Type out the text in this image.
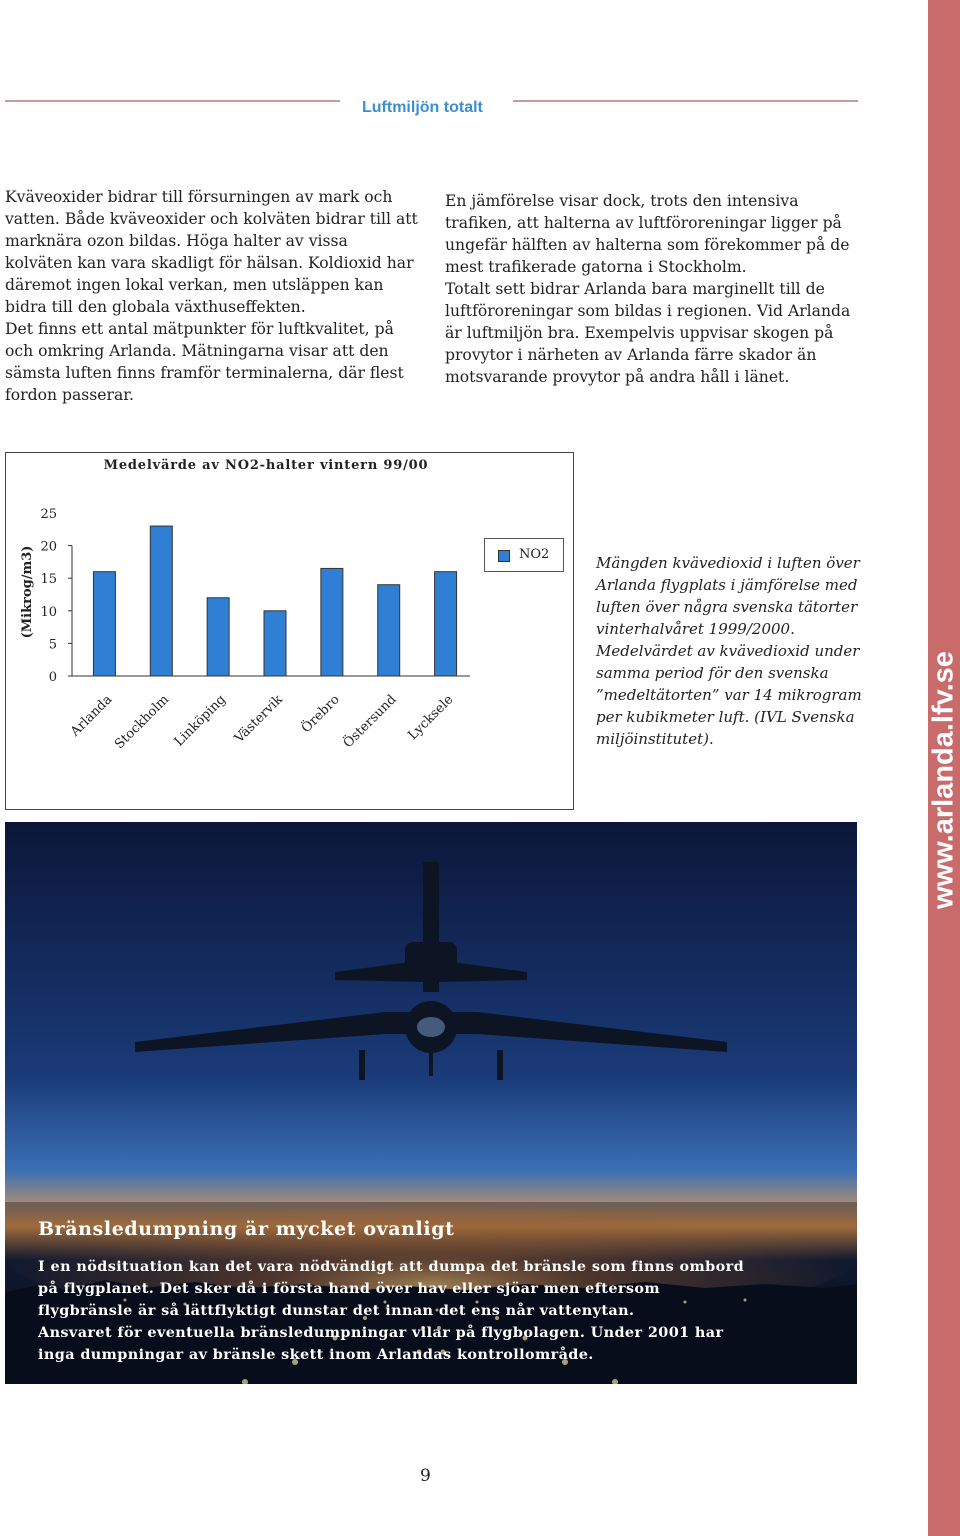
www.arlanda.lfv.se
Luftmiljön totalt

Kväveoxider bidrar till försurningen av mark och vatten. Både kväveoxider och kolväten bidrar till att marknära ozon bildas. Höga halter av vissa kolväten kan vara skadligt för hälsan. Koldioxid har däremot ingen lokal verkan, men utsläppen kan bidra till den globala växthuseffekten.

Det finns ett antal mätpunkter för luftkvalitet, på och omkring Arlanda. Mätningarna visar att den sämsta luften finns framför terminalerna, där flest fordon passerar.

En jämförelse visar dock, trots den intensiva trafiken, att halterna av luftföroreningar ligger på ungefär hälften av halterna som förekommer på de mest trafikerade gatorna i Stockholm.

Totalt sett bidrar Arlanda bara marginellt till de luftföroreningar som bildas i regionen. Vid Arlanda är luftmiljön bra. Exempelvis uppvisar skogen på provytor i närheten av Arlanda färre skador än motsvarande provytor på andra håll i länet.

Medelvärde av NO2-halter vintern 99/00
0
5
10
15
20
25
(Mikrog/m3)
Arlanda
Stockholm Linköping Västervik Örebro
Östersund Lycksele
NO2	Mängden kvävedioxid i luften över Arlanda flygplats i jämförelse med luften över några svenska tätorter vinterhalvåret 1999/2000.

Medelvärdet av kvävedioxid under samma period för den svenska ”medeltätorten” var 14 mikrogram per kubikmeter luft. (IVL Svenska miljöinstitutet).

Bränsledumpning är mycket ovanligt

I en nödsituation kan det vara nödvändigt att dumpa det bränsle som finns ombord på flygplanet. Det sker då i första hand över hav eller sjöar men eftersom flygbränsle är så lättflyktigt dunstar det innan det ens når vattenytan.

Ansvaret för eventuella bränsledumpningar vilar på flygbolagen. Under 2001 har inga dumpningar av bränsle skett inom Arlandas kontrollområde.

9
